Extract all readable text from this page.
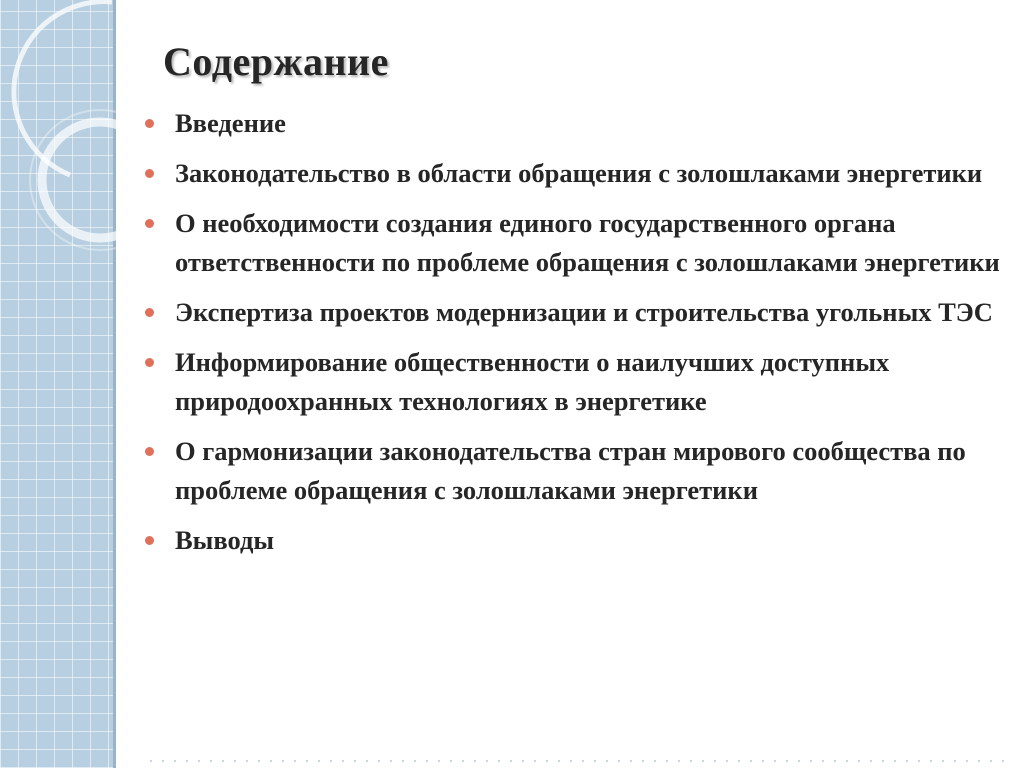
Содержание
Введение
Законодательство в области обращения с золошлаками энергетики
О необходимости создания единого государственного органа ответственности по проблеме обращения с золошлаками энергетики
Экспертиза проектов модернизации и строительства угольных ТЭС
Информирование общественности о наилучших доступных природоохранных технологиях в энергетике
О гармонизации законодательства стран мирового сообщества по проблеме обращения с золошлаками энергетики
Выводы
